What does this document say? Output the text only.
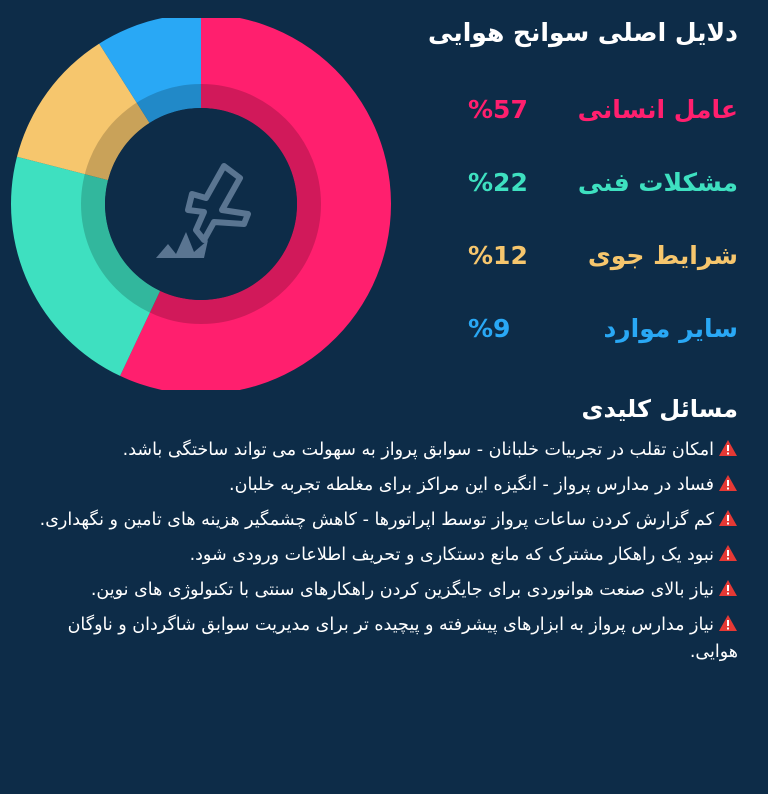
دلایل اصلی سوانح هوایی
عامل انسانی
%57
مشکلات فنی
%22
شرایط جوی
%12
سایر موارد
%9
مسائل کلیدی
امکان تقلب در تجربیات خلبانان - سوابق پرواز به سهولت می تواند ساختگی باشد.
فساد در مدارس پرواز - انگیزه این مراکز برای مغلطه تجربه خلبان.
کم گزارش کردن ساعات پرواز توسط اپراتورها - کاهش چشمگیر هزینه های تامین و نگهداری.
نبود یک راهکار مشترک که مانع دستکاری و تحریف اطلاعات ورودی شود.
نیاز بالای صنعت هوانوردی برای جایگزین کردن راهکارهای سنتی با تکنولوژی های نوین.
نیاز مدارس پرواز به ابزارهای پیشرفته و پیچیده تر برای مدیریت سوابق شاگردان و ناوگان هوایی.
